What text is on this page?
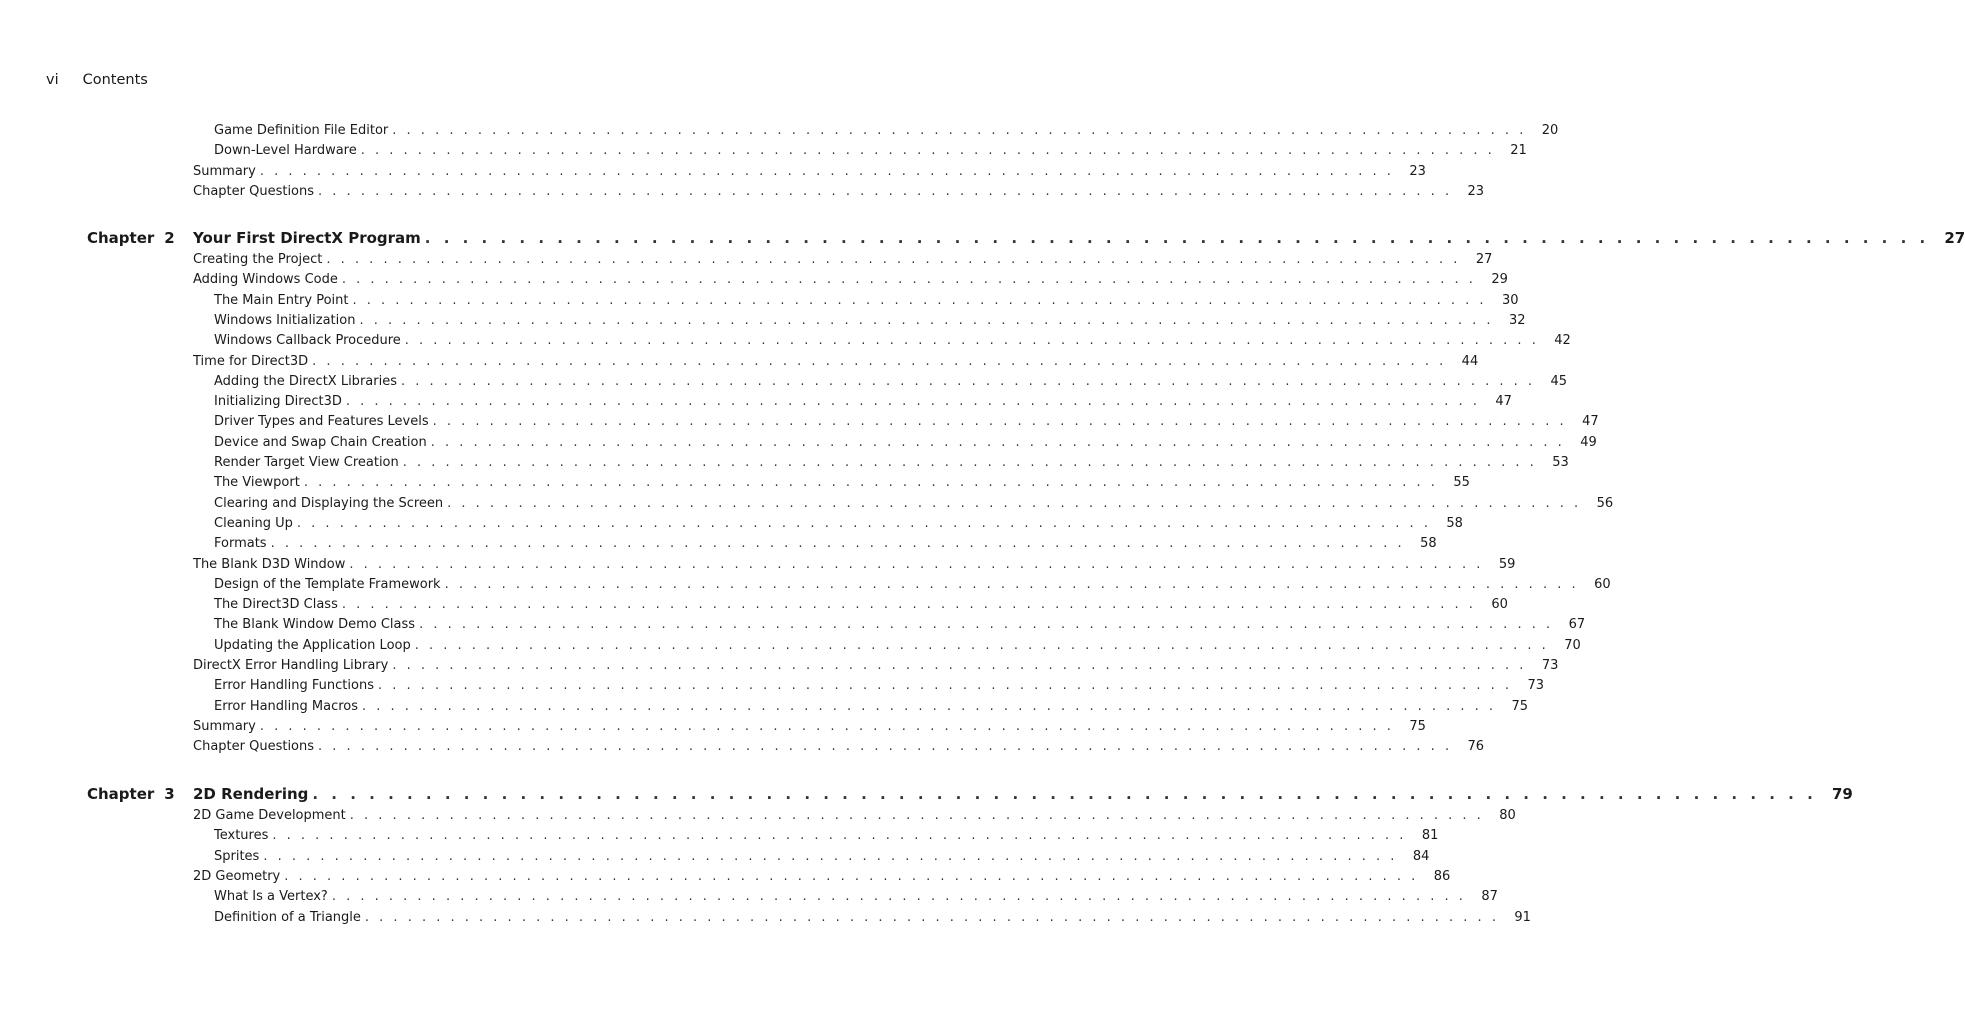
vi Contents
Game Definition File Editor . . . . . . . . . . . . . . . . . . . . . . . . . . . . . . . . . . . . . . . . . . . . . . . . . . . . . . . . . . . . . . . . . . . . . . . . . . . . . . . .	20
Down-Level Hardware . . . . . . . . . . . . . . . . . . . . . . . . . . . . . . . . . . . . . . . . . . . . . . . . . . . . . . . . . . . . . . . . . . . . . . . . . . . . . . . .	21
Summary . . . . . . . . . . . . . . . . . . . . . . . . . . . . . . . . . . . . . . . . . . . . . . . . . . . . . . . . . . . . . . . . . . . . . . . . . . . . . . . .	23
Chapter Questions . . . . . . . . . . . . . . . . . . . . . . . . . . . . . . . . . . . . . . . . . . . . . . . . . . . . . . . . . . . . . . . . . . . . . . . . . . . . . . . .	23
Chapter 2 Your First DirectX Program . . . . . . . . . . . . . . . . . . . . . . . . . . . . . . . . . . . . . . . . . . . . . . . . . . . . . . . . . . . . . . . . . . . . . . . . . . . . . . . .	27
Creating the Project . . . . . . . . . . . . . . . . . . . . . . . . . . . . . . . . . . . . . . . . . . . . . . . . . . . . . . . . . . . . . . . . . . . . . . . . . . . . . . . .	27
Adding Windows Code . . . . . . . . . . . . . . . . . . . . . . . . . . . . . . . . . . . . . . . . . . . . . . . . . . . . . . . . . . . . . . . . . . . . . . . . . . . . . . . .	29
The Main Entry Point . . . . . . . . . . . . . . . . . . . . . . . . . . . . . . . . . . . . . . . . . . . . . . . . . . . . . . . . . . . . . . . . . . . . . . . . . . . . . . . .	30
Windows Initialization . . . . . . . . . . . . . . . . . . . . . . . . . . . . . . . . . . . . . . . . . . . . . . . . . . . . . . . . . . . . . . . . . . . . . . . . . . . . . . . .	32
Windows Callback Procedure . . . . . . . . . . . . . . . . . . . . . . . . . . . . . . . . . . . . . . . . . . . . . . . . . . . . . . . . . . . . . . . . . . . . . . . . . . . . . . . .	42
Time for Direct3D . . . . . . . . . . . . . . . . . . . . . . . . . . . . . . . . . . . . . . . . . . . . . . . . . . . . . . . . . . . . . . . . . . . . . . . . . . . . . . . .	44
Adding the DirectX Libraries . . . . . . . . . . . . . . . . . . . . . . . . . . . . . . . . . . . . . . . . . . . . . . . . . . . . . . . . . . . . . . . . . . . . . . . . . . . . . . . .	45
Initializing Direct3D . . . . . . . . . . . . . . . . . . . . . . . . . . . . . . . . . . . . . . . . . . . . . . . . . . . . . . . . . . . . . . . . . . . . . . . . . . . . . . . .	47
Driver Types and Features Levels . . . . . . . . . . . . . . . . . . . . . . . . . . . . . . . . . . . . . . . . . . . . . . . . . . . . . . . . . . . . . . . . . . . . . . . . . . . . . . . .	47
Device and Swap Chain Creation . . . . . . . . . . . . . . . . . . . . . . . . . . . . . . . . . . . . . . . . . . . . . . . . . . . . . . . . . . . . . . . . . . . . . . . . . . . . . . . .	49
Render Target View Creation . . . . . . . . . . . . . . . . . . . . . . . . . . . . . . . . . . . . . . . . . . . . . . . . . . . . . . . . . . . . . . . . . . . . . . . . . . . . . . . .	53
The Viewport . . . . . . . . . . . . . . . . . . . . . . . . . . . . . . . . . . . . . . . . . . . . . . . . . . . . . . . . . . . . . . . . . . . . . . . . . . . . . . . .	55
Clearing and Displaying the Screen . . . . . . . . . . . . . . . . . . . . . . . . . . . . . . . . . . . . . . . . . . . . . . . . . . . . . . . . . . . . . . . . . . . . . . . . . . . . . . . .	56
Cleaning Up . . . . . . . . . . . . . . . . . . . . . . . . . . . . . . . . . . . . . . . . . . . . . . . . . . . . . . . . . . . . . . . . . . . . . . . . . . . . . . . .	58
Formats . . . . . . . . . . . . . . . . . . . . . . . . . . . . . . . . . . . . . . . . . . . . . . . . . . . . . . . . . . . . . . . . . . . . . . . . . . . . . . . .	58
The Blank D3D Window . . . . . . . . . . . . . . . . . . . . . . . . . . . . . . . . . . . . . . . . . . . . . . . . . . . . . . . . . . . . . . . . . . . . . . . . . . . . . . . .	59
Design of the Template Framework . . . . . . . . . . . . . . . . . . . . . . . . . . . . . . . . . . . . . . . . . . . . . . . . . . . . . . . . . . . . . . . . . . . . . . . . . . . . . . . .	60
The Direct3D Class . . . . . . . . . . . . . . . . . . . . . . . . . . . . . . . . . . . . . . . . . . . . . . . . . . . . . . . . . . . . . . . . . . . . . . . . . . . . . . . .	60
The Blank Window Demo Class . . . . . . . . . . . . . . . . . . . . . . . . . . . . . . . . . . . . . . . . . . . . . . . . . . . . . . . . . . . . . . . . . . . . . . . . . . . . . . . .	67
Updating the Application Loop . . . . . . . . . . . . . . . . . . . . . . . . . . . . . . . . . . . . . . . . . . . . . . . . . . . . . . . . . . . . . . . . . . . . . . . . . . . . . . . .	70
DirectX Error Handling Library . . . . . . . . . . . . . . . . . . . . . . . . . . . . . . . . . . . . . . . . . . . . . . . . . . . . . . . . . . . . . . . . . . . . . . . . . . . . . . . .	73
Error Handling Functions . . . . . . . . . . . . . . . . . . . . . . . . . . . . . . . . . . . . . . . . . . . . . . . . . . . . . . . . . . . . . . . . . . . . . . . . . . . . . . . .	73
Error Handling Macros . . . . . . . . . . . . . . . . . . . . . . . . . . . . . . . . . . . . . . . . . . . . . . . . . . . . . . . . . . . . . . . . . . . . . . . . . . . . . . . .	75
Summary . . . . . . . . . . . . . . . . . . . . . . . . . . . . . . . . . . . . . . . . . . . . . . . . . . . . . . . . . . . . . . . . . . . . . . . . . . . . . . . .	75
Chapter Questions . . . . . . . . . . . . . . . . . . . . . . . . . . . . . . . . . . . . . . . . . . . . . . . . . . . . . . . . . . . . . . . . . . . . . . . . . . . . . . . .	76
Chapter 3 2D Rendering . . . . . . . . . . . . . . . . . . . . . . . . . . . . . . . . . . . . . . . . . . . . . . . . . . . . . . . . . . . . . . . . . . . . . . . . . . . . . . . .	79
2D Game Development . . . . . . . . . . . . . . . . . . . . . . . . . . . . . . . . . . . . . . . . . . . . . . . . . . . . . . . . . . . . . . . . . . . . . . . . . . . . . . . .	80
Textures . . . . . . . . . . . . . . . . . . . . . . . . . . . . . . . . . . . . . . . . . . . . . . . . . . . . . . . . . . . . . . . . . . . . . . . . . . . . . . . .	81
Sprites . . . . . . . . . . . . . . . . . . . . . . . . . . . . . . . . . . . . . . . . . . . . . . . . . . . . . . . . . . . . . . . . . . . . . . . . . . . . . . . .	84
2D Geometry . . . . . . . . . . . . . . . . . . . . . . . . . . . . . . . . . . . . . . . . . . . . . . . . . . . . . . . . . . . . . . . . . . . . . . . . . . . . . . . .	86
What Is a Vertex? . . . . . . . . . . . . . . . . . . . . . . . . . . . . . . . . . . . . . . . . . . . . . . . . . . . . . . . . . . . . . . . . . . . . . . . . . . . . . . . .	87
Definition of a Triangle . . . . . . . . . . . . . . . . . . . . . . . . . . . . . . . . . . . . . . . . . . . . . . . . . . . . . . . . . . . . . . . . . . . . . . . . . . . . . . . .	91
